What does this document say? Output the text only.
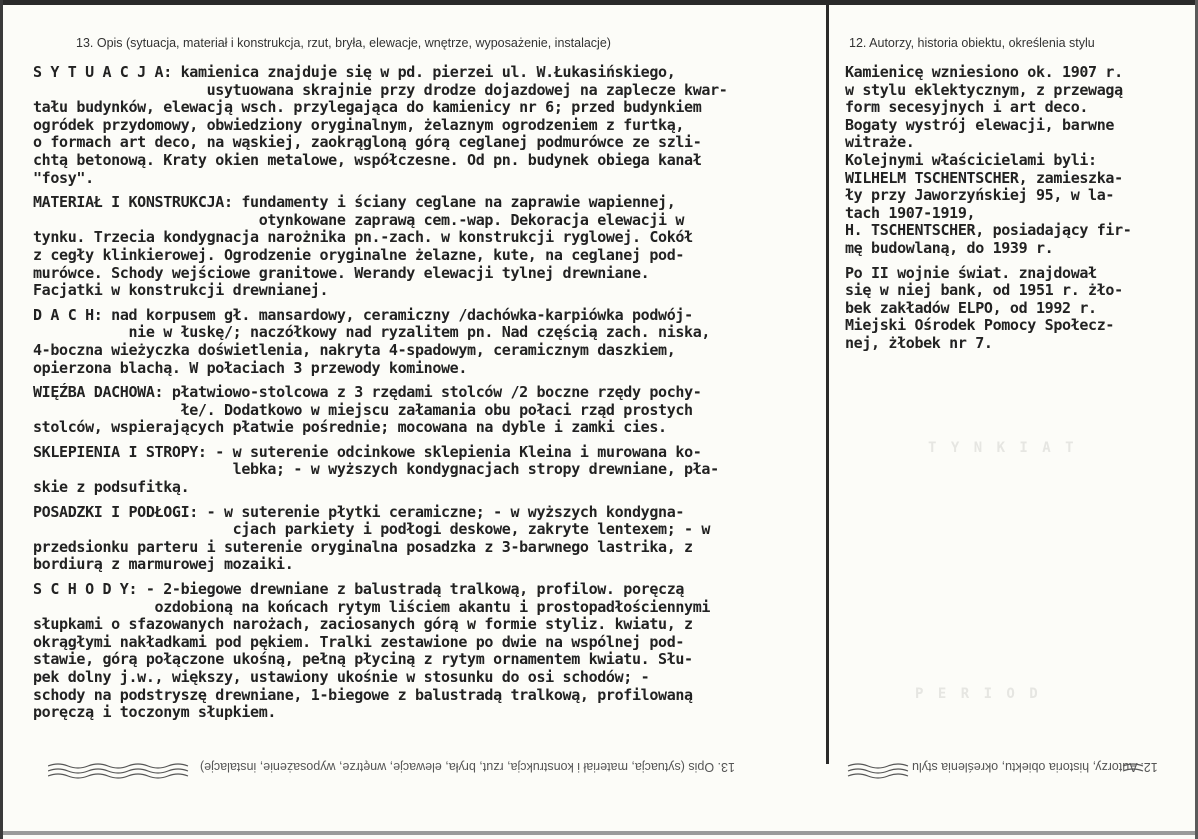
13. Opis (sytuacja, materiał i konstrukcja, rzut, bryła, elewacje, wnętrze, wyposażenie, instalacje)	12. Autorzy, historia obiektu, określenia stylu
T Y N K I A T
P E R I O D
S Y T U A C J A: kamienica znajduje się w pd. pierzei ul. W.Łukasińskiego,
usytuowana skrajnie przy drodze dojazdowej na zaplecze kwar-
tału budynków, elewacją wsch. przylegająca do kamienicy nr 6; przed budynkiem
ogródek przydomowy, obwiedziony oryginalnym, żelaznym ogrodzeniem z furtką,
o formach art deco, na wąskiej, zaokrągloną górą ceglanej podmurówce ze szli-
chtą betonową. Kraty okien metalowe, współczesne. Od pn. budynek obiega kanał
"fosy".
MATERIAŁ I KONSTRUKCJA: fundamenty i ściany ceglane na zaprawie wapiennej,
otynkowane zaprawą cem.-wap. Dekoracja elewacji w
tynku. Trzecia kondygnacja narożnika pn.-zach. w konstrukcji ryglowej. Cokół
z cegły klinkierowej. Ogrodzenie oryginalne żelazne, kute, na ceglanej pod-
murówce. Schody wejściowe granitowe. Werandy elewacji tylnej drewniane.
Facjatki w konstrukcji drewnianej.
D A C H: nad korpusem gł. mansardowy, ceramiczny /dachówka-karpiówka podwój-
nie w łuskę/; naczółkowy nad ryzalitem pn. Nad częścią zach. niska,
4-boczna wieżyczka doświetlenia, nakryta 4-spadowym, ceramicznym daszkiem,
opierzona blachą. W połaciach 3 przewody kominowe.
WIĘŹBA DACHOWA: płatwiowo-stolcowa z 3 rzędami stolców /2 boczne rzędy pochy-
łe/. Dodatkowo w miejscu załamania obu połaci rząd prostych
stolców, wspierających płatwie pośrednie; mocowana na dyble i zamki cies.
SKLEPIENIA I STROPY: - w suterenie odcinkowe sklepienia Kleina i murowana ko-
lebka; - w wyższych kondygnacjach stropy drewniane, pła-
skie z podsufitką.
POSADZKI I PODŁOGI: - w suterenie płytki ceramiczne; - w wyższych kondygna-
cjach parkiety i podłogi deskowe, zakryte lentexem; - w
przedsionku parteru i suterenie oryginalna posadzka z 3-barwnego lastrika, z
bordiurą z marmurowej mozaiki.
S C H O D Y: - 2-biegowe drewniane z balustradą tralkową, profilow. poręczą
ozdobioną na końcach rytym liściem akantu i prostopadłościennymi
słupkami o sfazowanych narożach, zaciosanych górą w formie styliz. kwiatu, z
okrągłymi nakładkami pod pękiem. Tralki zestawione po dwie na wspólnej pod-
stawie, górą połączone ukośną, pełną płyciną z rytym ornamentem kwiatu. Słu-
pek dolny j.w., większy, ustawiony ukośnie w stosunku do osi schodów; -
schody na podstryszę drewniane, 1-biegowe z balustradą tralkową, profilowaną
poręczą i toczonym słupkiem.
Kamienicę wzniesiono ok. 1907 r.
w stylu eklektycznym, z przewagą
form secesyjnych i art deco.
Bogaty wystrój elewacji, barwne
witraże.
Kolejnymi właścicielami byli:
WILHELM TSCHENTSCHER, zamieszka-
ły przy Jaworzyńskiej 95, w la-
tach 1907-1919,
H. TSCHENTSCHER, posiadający fir-
mę budowlaną, do 1939 r.
Po II wojnie świat. znajdował
się w niej bank, od 1951 r. żło-
bek zakładów ELPO, od 1992 r.
Miejski Ośrodek Pomocy Społecz-
nej, żłobek nr 7.
13. Opis (sytuacja, materiał i konstrukcja, rzut, bryła, elewacje, wnętrze, wyposażenie, instalacje)	12. Autorzy, historia obiektu, określenia stylu
